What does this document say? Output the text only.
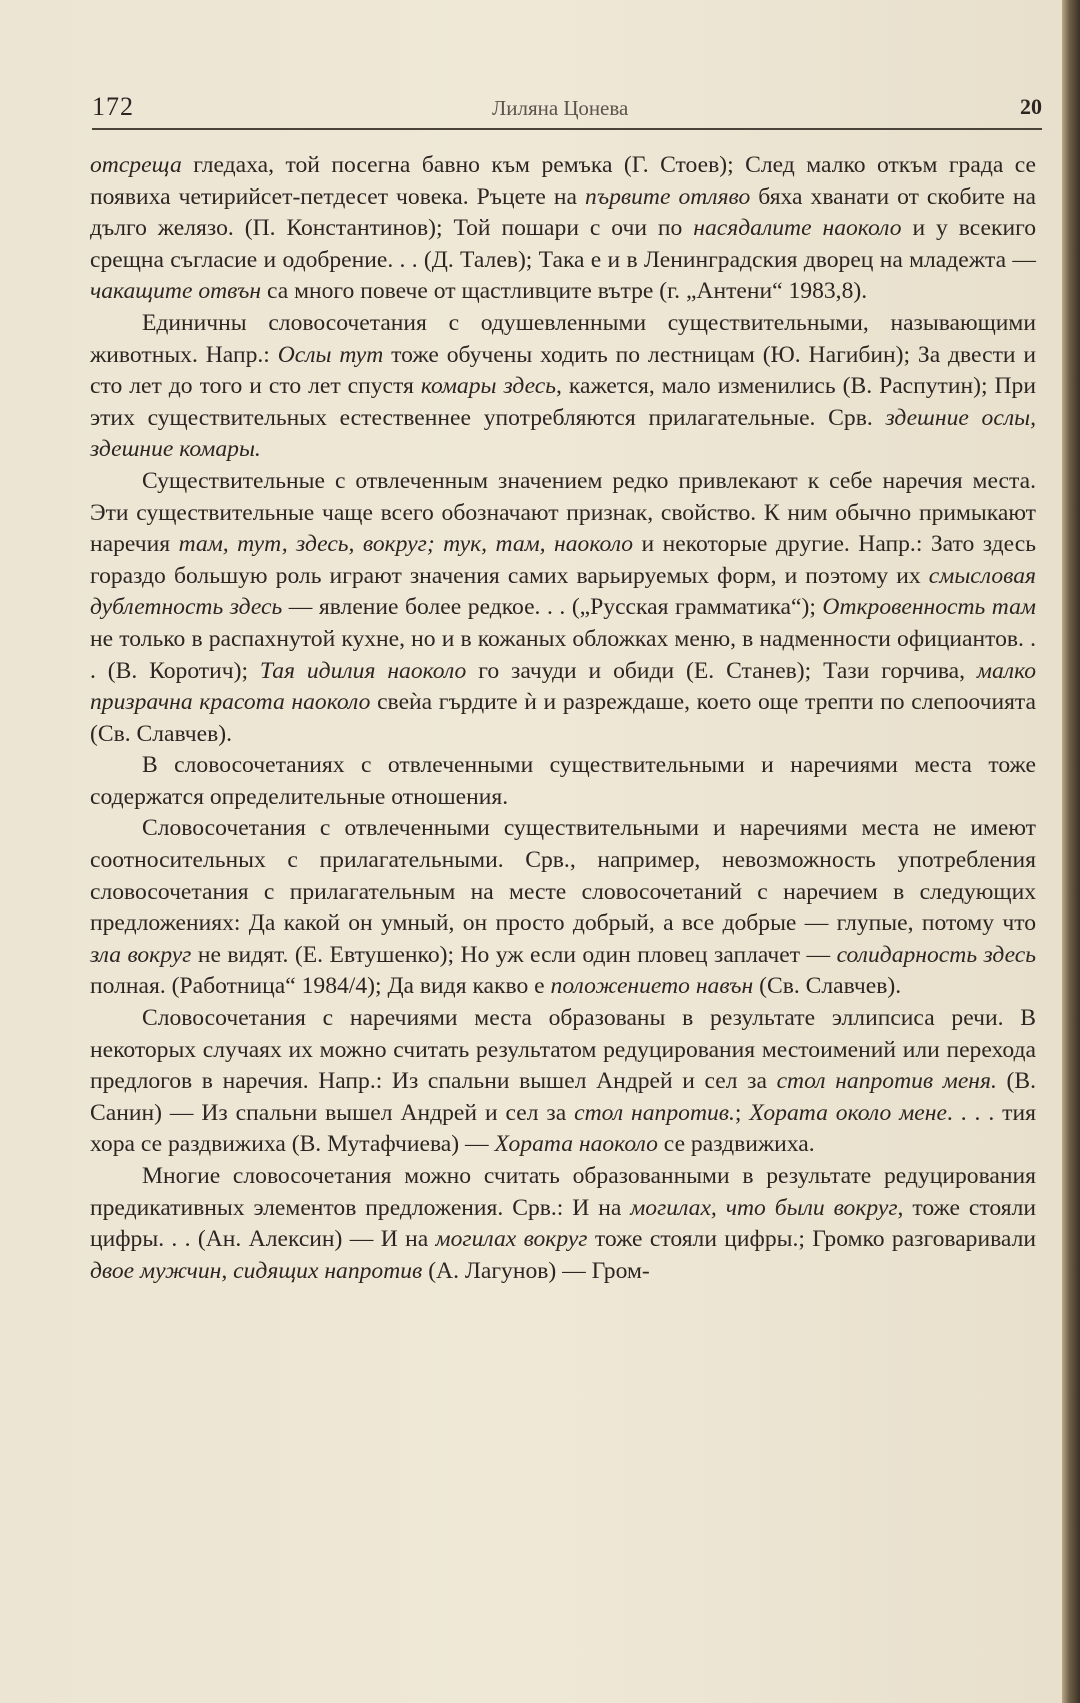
172	Лиляна Цонева	20

отсреща гледаха, той посегна бавно към ремъка (Г. Стоев); След малко откъм града се появиха четирийсет-петдесет човека. Ръцете на първите отляво бяха хванати от скобите на дълго желязо. (П. Константинов); Той пошари с очи по насядалите наоколо и у всекиго срещна съгласие и одобрение. . . (Д. Талев); Така е и в Ленинградския дворец на младежта — чакащите отвън са много повече от щастливците вътре (г. „Антени“ 1983,8).

Единичны словосочетания с одушевленными существительными, называющими животных. Напр.: Ослы тут тоже обучены ходить по лестницам (Ю. Нагибин); За двести и сто лет до того и сто лет спустя комары здесь, кажется, мало изменились (В. Распутин); При этих существительных естественнее употребляются прилагательные. Срв. здешние ослы, здешние комары.

Существительные с отвлеченным значением редко привлекают к себе наречия места. Эти существительные чаще всего обозначают признак, свойство. К ним обычно примыкают наречия там, тут, здесь, вокруг; тук, там, наоколо и некоторые другие. Напр.: Зато здесь гораздо большую роль играют значения самих варьируемых форм, и поэтому их смысловая дублетность здесь — явление более редкое. . . („Русская грамматика“); Откровенность там не только в распахнутой кухне, но и в кожаных обложках меню, в надменности официантов. . . (В. Коротич); Тая идилия наоколо го зачуди и обиди (Е. Станев); Тази горчива, малко призрачна красота наоколо свеѝа гърдите ѝ и разреждаше, което още трепти по слепоочията (Св. Славчев).

В словосочетаниях с отвлеченными существительными и наречиями места тоже содержатся определительные отношения.

Словосочетания с отвлеченными существительными и наречиями места не имеют соотносительных с прилагательными. Срв., например, невозможность употребления словосочетания с прилагательным на месте словосочетаний с наречием в следующих предложениях: Да какой он умный, он просто добрый, а все добрые — глупые, потому что зла вокруг не видят. (Е. Евтушенко); Но уж если один пловец заплачет — солидарность здесь полная. (Работница“ 1984/4); Да видя какво е положението навън (Св. Славчев).

Словосочетания с наречиями места образованы в результате эллипсиса речи. В некоторых случаях их можно считать результатом редуцирования местоимений или перехода предлогов в наречия. Напр.: Из спальни вышел Андрей и сел за стол напротив меня. (В. Санин) — Из спальни вышел Андрей и сел за стол напротив.; Хората около мене. . . . тия хора се раздвижиха (В. Мутафчиева) — Хората наоколо се раздвижиха.

Многие словосочетания можно считать образованными в результате редуцирования предикативных элементов предложения. Срв.: И на могилах, что были вокруг, тоже стояли цифры. . . (Ан. Алексин) — И на могилах вокруг тоже стояли цифры.; Громко разговаривали двое мужчин, сидящих напротив (А. Лагунов) — Гром-
